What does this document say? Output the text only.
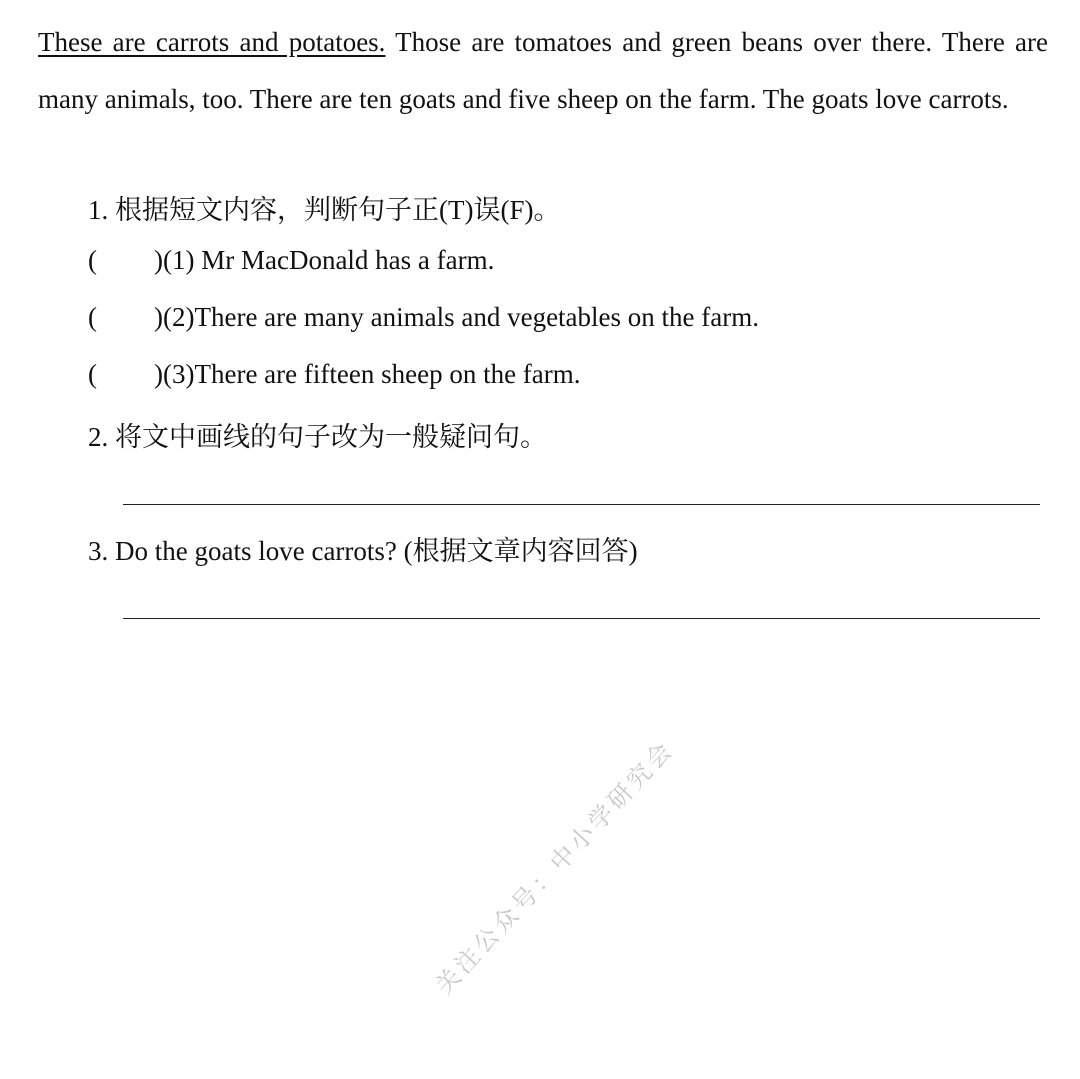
These are carrots and potatoes. Those are tomatoes and green beans over there. There are many animals, too. There are ten goats and five sheep on the farm. The goats love carrots.

1. 根据短文内容，判断句子正(T)误(F)。
( )(1) Mr MacDonald has a farm.
( )(2)There are many animals and vegetables on the farm.
( )(3)There are fifteen sheep on the farm.
2. 将文中画线的句子改为一般疑问句。
3. Do the goats love carrots? (根据文章内容回答)
关注公众号：中小学研究会
